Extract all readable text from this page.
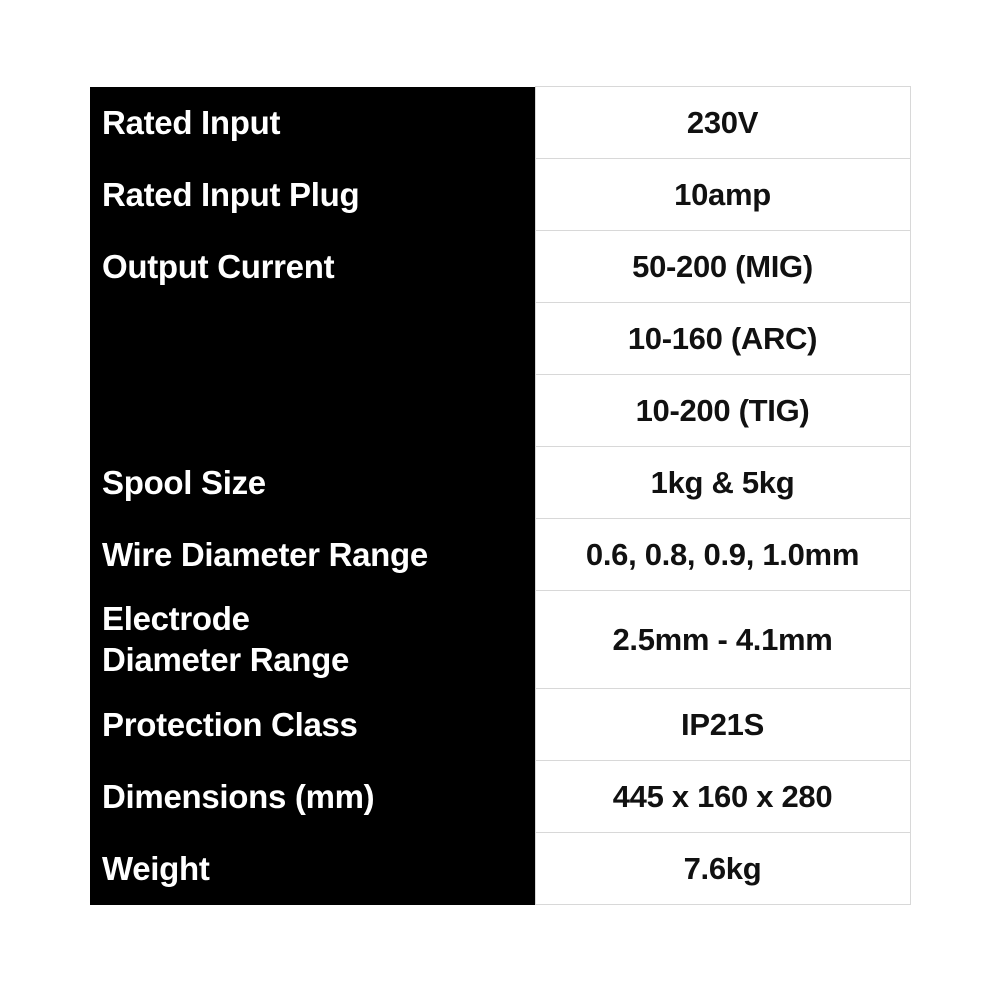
Rated Input	230V

Rated Input Plug	10amp

Output Current	50-200 (MIG)

	10-160 (ARC)

	10-200 (TIG)

Spool Size	1kg & 5kg

Wire Diameter Range	0.6, 0.8, 0.9, 1.0mm

Electrode
Diameter Range	2.5mm - 4.1mm

Protection Class	IP21S

Dimensions (mm)	445 x 160 x 280

Weight	7.6kg
